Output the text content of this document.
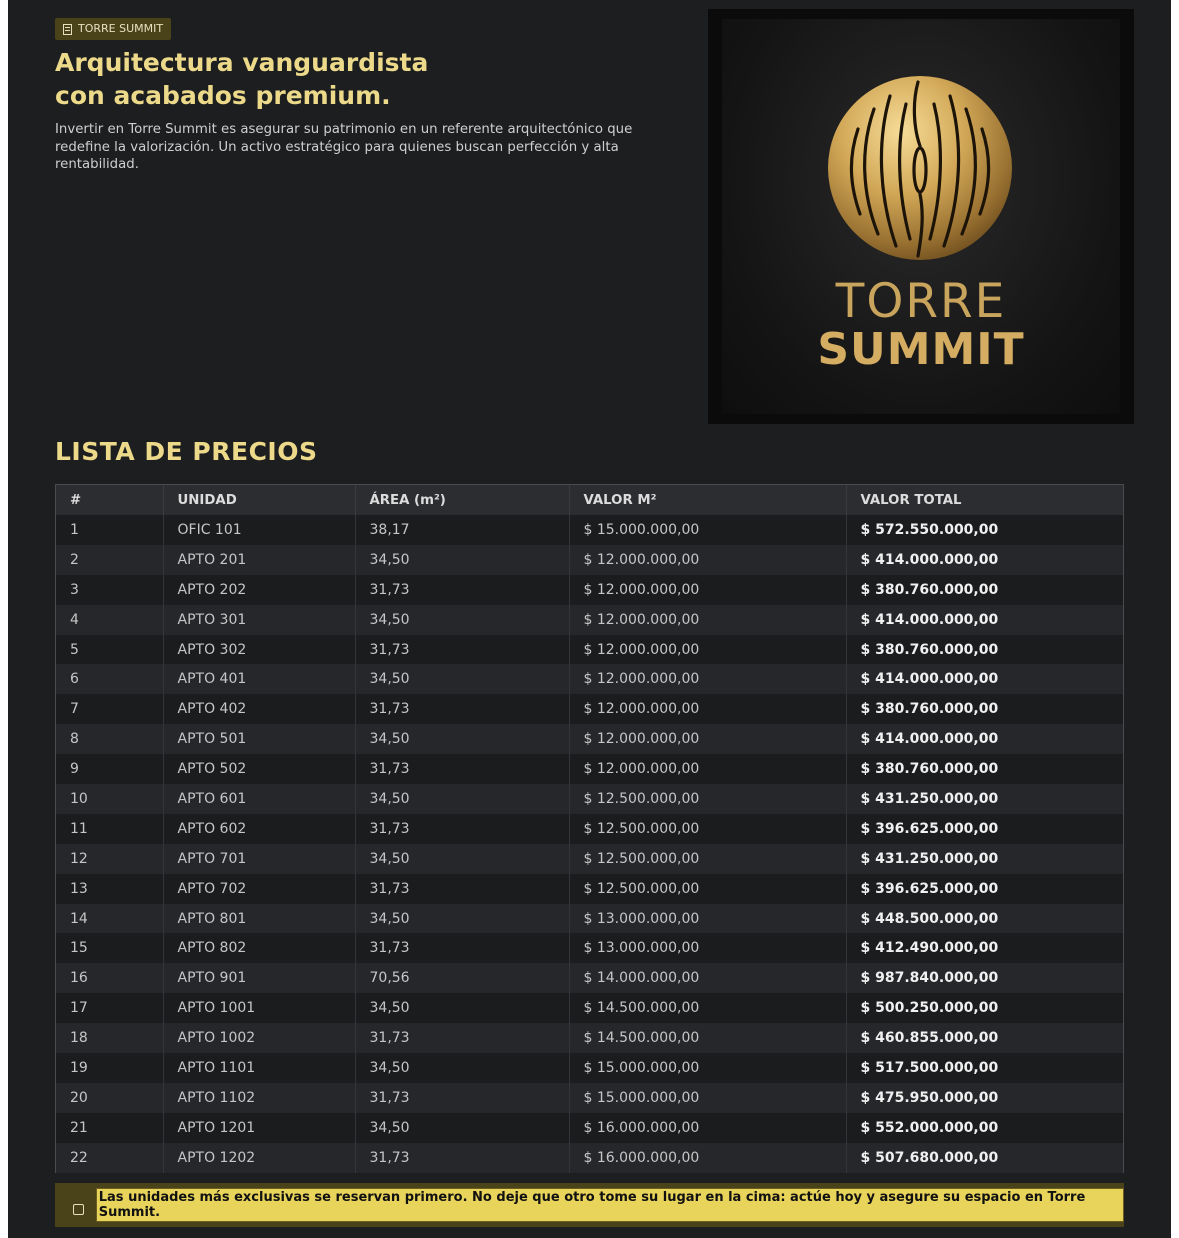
TORRE SUMMIT
Arquitectura vanguardista
con acabados premium.

Invertir en Torre Summit es asegurar su patrimonio en un referente arquitectónico que redefine la valorización. Un activo estratégico para quienes buscan perfección y alta rentabilidad.

TORRE
SUMMIT
LISTA DE PRECIOS
#	UNIDAD	ÁREA (m²)	VALOR M²	VALOR TOTAL
1	OFIC 101	38,17	$ 15.000.000,00	$ 572.550.000,00
2	APTO 201	34,50	$ 12.000.000,00	$ 414.000.000,00
3	APTO 202	31,73	$ 12.000.000,00	$ 380.760.000,00
4	APTO 301	34,50	$ 12.000.000,00	$ 414.000.000,00
5	APTO 302	31,73	$ 12.000.000,00	$ 380.760.000,00
6	APTO 401	34,50	$ 12.000.000,00	$ 414.000.000,00
7	APTO 402	31,73	$ 12.000.000,00	$ 380.760.000,00
8	APTO 501	34,50	$ 12.000.000,00	$ 414.000.000,00
9	APTO 502	31,73	$ 12.000.000,00	$ 380.760.000,00
10	APTO 601	34,50	$ 12.500.000,00	$ 431.250.000,00
11	APTO 602	31,73	$ 12.500.000,00	$ 396.625.000,00
12	APTO 701	34,50	$ 12.500.000,00	$ 431.250.000,00
13	APTO 702	31,73	$ 12.500.000,00	$ 396.625.000,00
14	APTO 801	34,50	$ 13.000.000,00	$ 448.500.000,00
15	APTO 802	31,73	$ 13.000.000,00	$ 412.490.000,00
16	APTO 901	70,56	$ 14.000.000,00	$ 987.840.000,00
17	APTO 1001	34,50	$ 14.500.000,00	$ 500.250.000,00
18	APTO 1002	31,73	$ 14.500.000,00	$ 460.855.000,00
19	APTO 1101	34,50	$ 15.000.000,00	$ 517.500.000,00
20	APTO 1102	31,73	$ 15.000.000,00	$ 475.950.000,00
21	APTO 1201	34,50	$ 16.000.000,00	$ 552.000.000,00
22	APTO 1202	31,73	$ 16.000.000,00	$ 507.680.000,00
Las unidades más exclusivas se reservan primero. No deje que otro tome su lugar en la cima: actúe hoy y asegure su espacio en Torre Summit.
